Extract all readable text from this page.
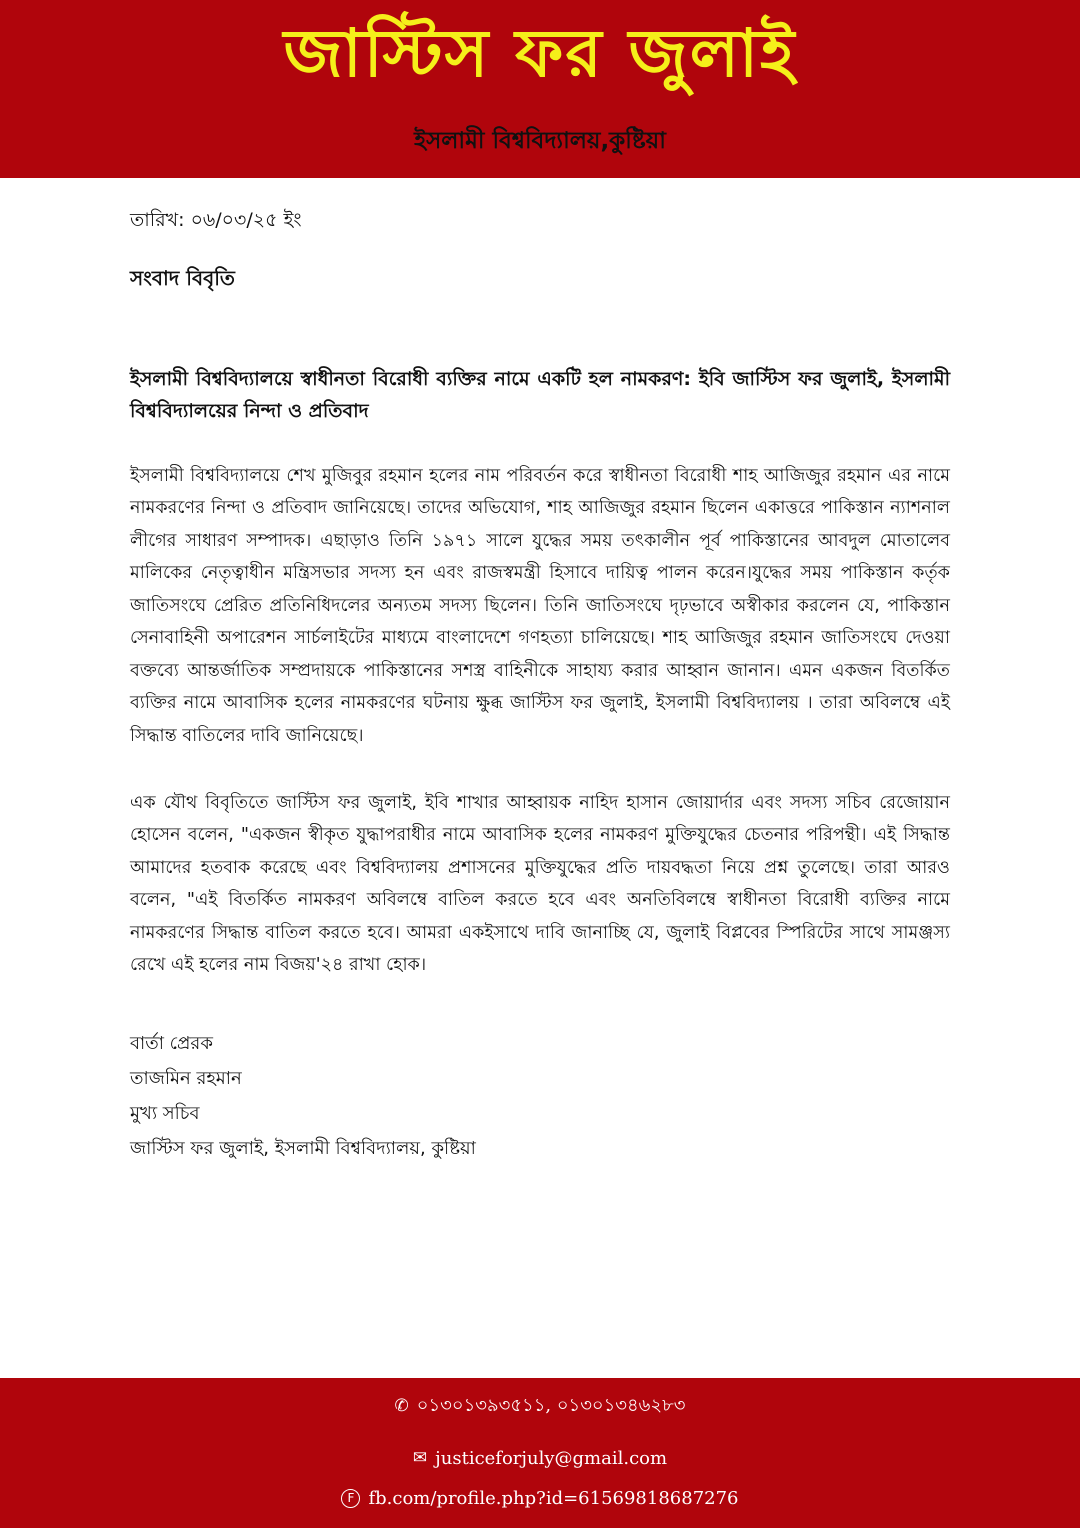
জাস্টিস ফর জুলাই
ইসলামী বিশ্ববিদ্যালয়,কুষ্টিয়া

তারিখ: ০৬/০৩/২৫ ইং

সংবাদ বিবৃতি

ইসলামী বিশ্ববিদ্যালয়ে স্বাধীনতা বিরোধী ব্যক্তির নামে একটি হল নামকরণ: ইবি জাস্টিস ফর জুলাই, ইসলামী বিশ্ববিদ্যালয়ের নিন্দা ও প্রতিবাদ

ইসলামী বিশ্ববিদ্যালয়ে শেখ মুজিবুর রহমান হলের নাম পরিবর্তন করে স্বাধীনতা বিরোধী শাহ আজিজুর রহমান এর নামে নামকরণের নিন্দা ও প্রতিবাদ জানিয়েছে। তাদের অভিযোগ, শাহ আজিজুর রহমান ছিলেন একাত্তরে পাকিস্তান ন্যাশনাল লীগের সাধারণ সম্পাদক। এছাড়াও তিনি ১৯৭১ সালে যুদ্ধের সময় তৎকালীন পূর্ব পাকিস্তানের আবদুল মোতালেব মালিকের নেতৃত্বাধীন মন্ত্রিসভার সদস্য হন এবং রাজস্বমন্ত্রী হিসাবে দায়িত্ব পালন করেন।যুদ্ধের সময় পাকিস্তান কর্তৃক জাতিসংঘে প্রেরিত প্রতিনিধিদলের অন্যতম সদস্য ছিলেন। তিনি জাতিসংঘে দৃঢ়ভাবে অস্বীকার করলেন যে, পাকিস্তান সেনাবাহিনী অপারেশন সার্চলাইটের মাধ্যমে বাংলাদেশে গণহত্যা চালিয়েছে। শাহ আজিজুর রহমান জাতিসংঘে দেওয়া বক্তব্যে আন্তর্জাতিক সম্প্রদায়কে পাকিস্তানের সশস্ত্র বাহিনীকে সাহায্য করার আহ্বান জানান। এমন একজন বিতর্কিত ব্যক্তির নামে আবাসিক হলের নামকরণের ঘটনায় ক্ষুব্ধ জাস্টিস ফর জুলাই, ইসলামী বিশ্ববিদ্যালয় । তারা অবিলম্বে এই সিদ্ধান্ত বাতিলের দাবি জানিয়েছে।

এক যৌথ বিবৃতিতে জাস্টিস ফর জুলাই, ইবি শাখার আহ্বায়ক নাহিদ হাসান জোয়ার্দার এবং সদস্য সচিব রেজোয়ান হোসেন বলেন, "একজন স্বীকৃত যুদ্ধাপরাধীর নামে আবাসিক হলের নামকরণ মুক্তিযুদ্ধের চেতনার পরিপন্থী। এই সিদ্ধান্ত আমাদের হতবাক করেছে এবং বিশ্ববিদ্যালয় প্রশাসনের মুক্তিযুদ্ধের প্রতি দায়বদ্ধতা নিয়ে প্রশ্ন তুলেছে। তারা আরও বলেন, "এই বিতর্কিত নামকরণ অবিলম্বে বাতিল করতে হবে এবং অনতিবিলম্বে স্বাধীনতা বিরোধী ব্যক্তির নামে নামকরণের সিদ্ধান্ত বাতিল করতে হবে। আমরা একইসাথে দাবি জানাচ্ছি যে, জুলাই বিপ্লবের স্পিরিটের সাথে সামঞ্জস্য রেখে এই হলের নাম বিজয়'২৪ রাখা হোক।

বার্তা প্রেরক
তাজমিন রহমান
মুখ্য সচিব
জাস্টিস ফর জুলাই, ইসলামী বিশ্ববিদ্যালয়, কুষ্টিয়া
✆ ০১৩০১৩৯৩৫১১, ০১৩০১৩৪৬২৮৩
✉ justiceforjuly@gmail.com
F fb.com/profile.php?id=61569818687276
